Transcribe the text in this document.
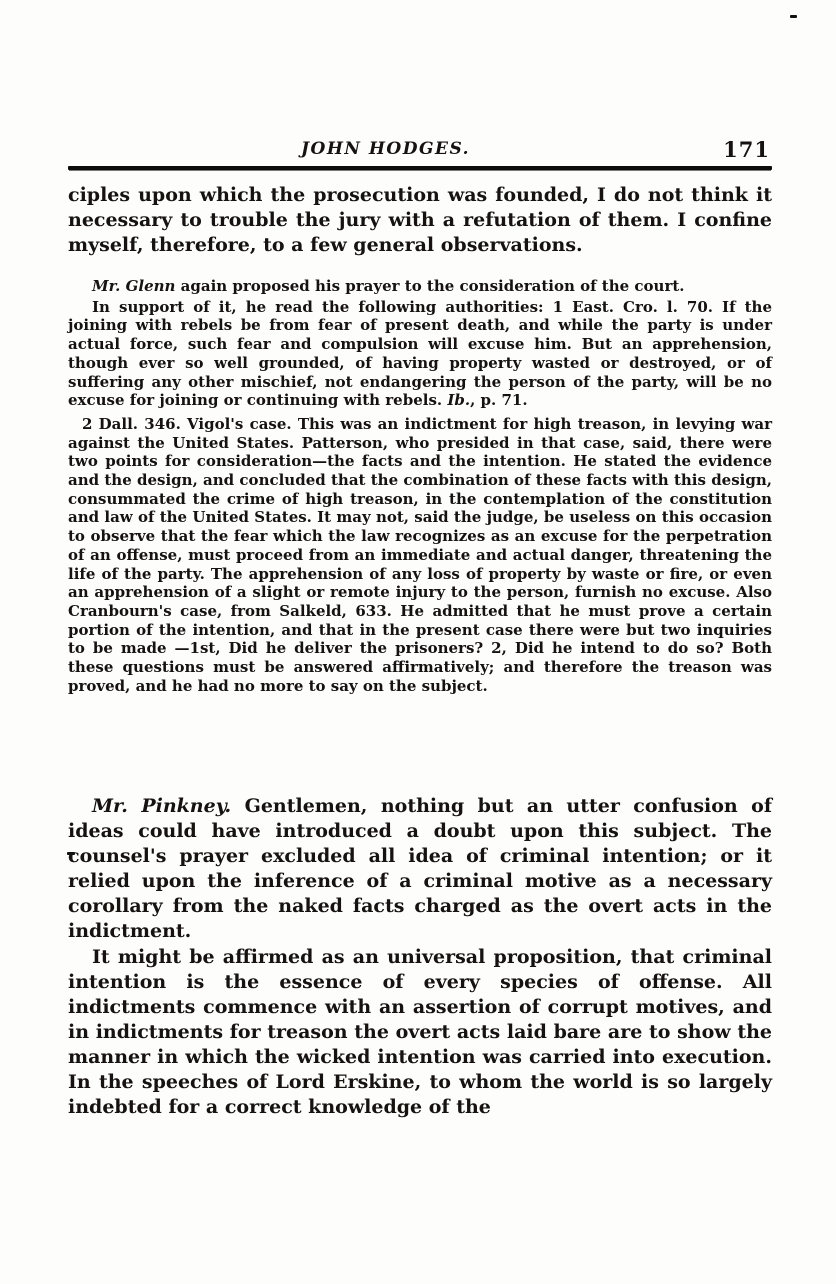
JOHN HODGES.	171

ciples upon which the prosecution was founded, I do not think it necessary to trouble the jury with a refutation of them. I confine myself, therefore, to a few general observations.

Mr. Glenn again proposed his prayer to the consideration of the court.

In support of it, he read the following authorities: 1 East. Cro. l. 70. If the joining with rebels be from fear of present death, and while the party is under actual force, such fear and compulsion will excuse him. But an apprehension, though ever so well grounded, of having property wasted or destroyed, or of suffering any other mischief, not endangering the person of the party, will be no excuse for joining or continuing with rebels. Ib., p. 71.

2 Dall. 346. Vigol's case. This was an indictment for high treason, in levying war against the United States. Patterson, who presided in that case, said, there were two points for consideration—the facts and the intention. He stated the evidence and the design, and concluded that the combination of these facts with this design, consummated the crime of high treason, in the contemplation of the constitution and law of the United States. It may not, said the judge, be useless on this occasion to observe that the fear which the law recognizes as an excuse for the perpetration of an offense, must proceed from an immediate and actual danger, threatening the life of the party. The apprehension of any loss of property by waste or fire, or even an apprehension of a slight or remote injury to the person, furnish no excuse. Also Cranbourn's case, from Salkeld, 633. He admitted that he must prove a certain portion of the intention, and that in the present case there were but two inquiries to be made —1st, Did he deliver the prisoners? 2, Did he intend to do so? Both these questions must be answered affirmatively; and therefore the treason was proved, and he had no more to say on the subject.

Mr. Pinkney. Gentlemen, nothing but an utter confusion of ideas could have introduced a doubt upon this subject. The counsel's prayer excluded all idea of criminal intention; or it relied upon the inference of a criminal motive as a necessary corollary from the naked facts charged as the overt acts in the indictment.

It might be affirmed as an universal proposition, that criminal intention is the essence of every species of offense. All indictments commence with an assertion of corrupt motives, and in indictments for treason the overt acts laid bare are to show the manner in which the wicked intention was carried into execution. In the speeches of Lord Erskine, to whom the world is so largely indebted for a correct knowledge of the
